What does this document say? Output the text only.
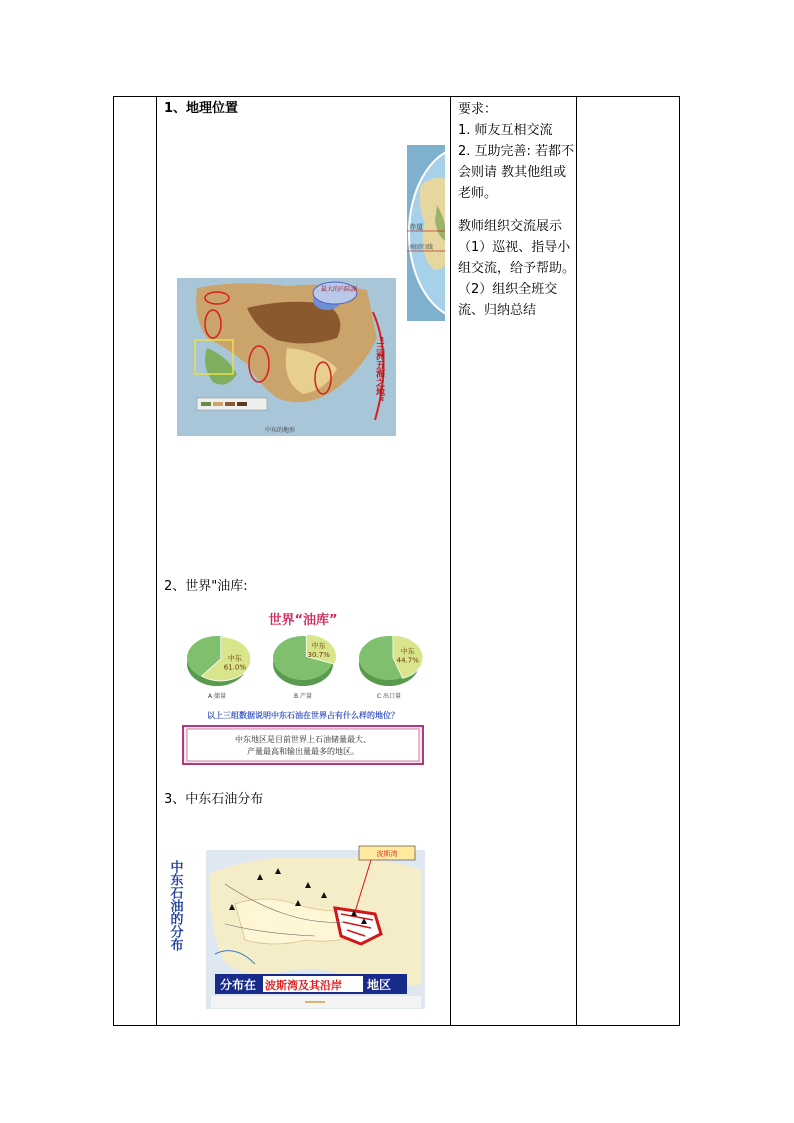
1、地理位置
2、世界"油库:
3、中东石油分布

要求：

1. 师友互相交流

2. 互助完善: 若都不会则请 教其他组或老师。

教师组织交流展示

（1）巡视、指导小组交流，给予帮助。

（2）组织全班交流、归纳总结

赤道
南回归线
最大的内陆湖
“三洲五海之地”
中东的地形
世界“油库”
以上三组数据说明中东石油在世界占有什么样的地位？
中东地区是目前世界上石油储量最大、
产量最高和输出量最多的地区。
中东
61.0%
A 储量
中东
30.7%
B 产量
中东
44.7%
C 出口量
中东石油的分布
波斯湾
分布在 波斯湾及其沿岸 地区
